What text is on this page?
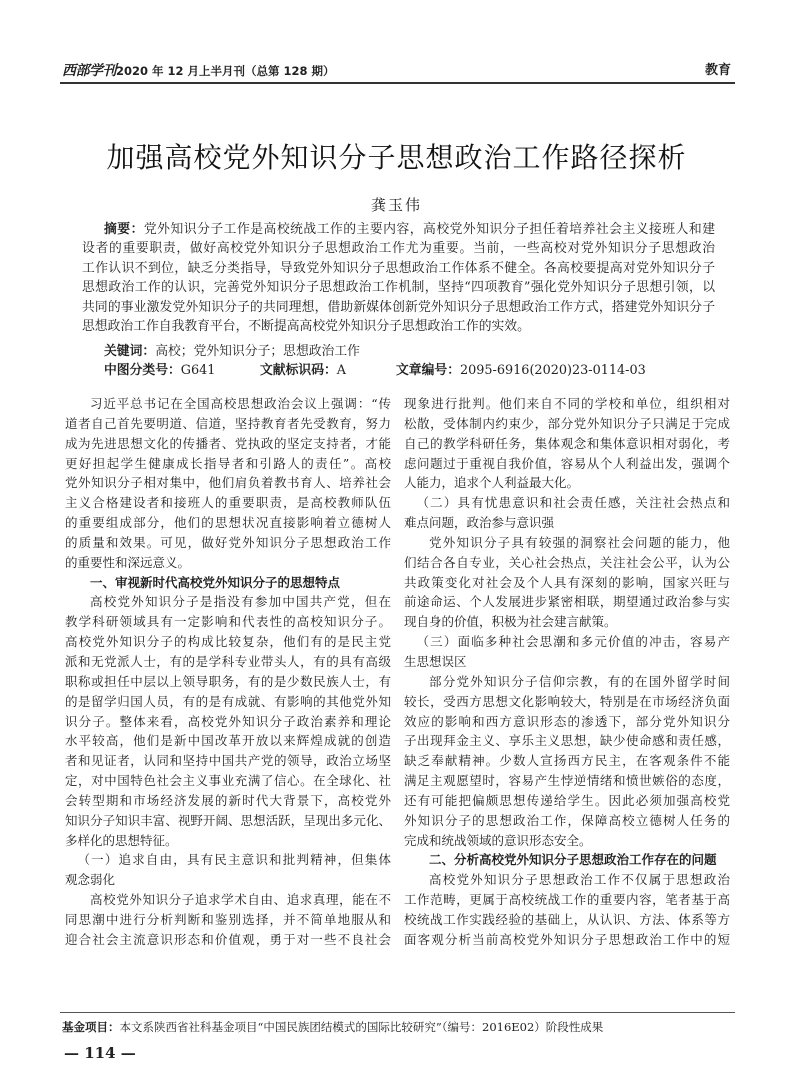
西部学刊2020 年 12 月上半月刊（总第 128 期）	教育
加强高校党外知识分子思想政治工作路径探析
龚玉伟
摘要：党外知识分子工作是高校统战工作的主要内容，高校党外知识分子担任着培养社会主义接班人和建
设者的重要职责，做好高校党外知识分子思想政治工作尤为重要。当前，一些高校对党外知识分子思想政治
工作认识不到位，缺乏分类指导，导致党外知识分子思想政治工作体系不健全。各高校要提高对党外知识分子
思想政治工作的认识，完善党外知识分子思想政治工作机制，坚持“四项教育”强化党外知识分子思想引领，以
共同的事业激发党外知识分子的共同理想，借助新媒体创新党外知识分子思想政治工作方式，搭建党外知识分子
思想政治工作自我教育平台，不断提高高校党外知识分子思想政治工作的实效。
关键词：高校；党外知识分子；思想政治工作
中图分类号：G641	文献标识码：A	文章编号：2095-6916(2020)23-0114-03
习近平总书记在全国高校思想政治会议上强调：“传
道者自己首先要明道、信道，坚持教育者先受教育，努力
成为先进思想文化的传播者、党执政的坚定支持者，才能
更好担起学生健康成长指导者和引路人的责任”。高校
党外知识分子相对集中，他们肩负着教书育人、培养社会
主义合格建设者和接班人的重要职责，是高校教师队伍
的重要组成部分，他们的思想状况直接影响着立德树人
的质量和效果。可见，做好党外知识分子思想政治工作
的重要性和深远意义。
一、审视新时代高校党外知识分子的思想特点
高校党外知识分子是指没有参加中国共产党，但在
教学科研领域具有一定影响和代表性的高校知识分子。
高校党外知识分子的构成比较复杂，他们有的是民主党
派和无党派人士，有的是学科专业带头人，有的具有高级
职称或担任中层以上领导职务，有的是少数民族人士，有
的是留学归国人员，有的是有成就、有影响的其他党外知
识分子。整体来看，高校党外知识分子政治素养和理论
水平较高，他们是新中国改革开放以来辉煌成就的创造
者和见证者，认同和坚持中国共产党的领导，政治立场坚
定，对中国特色社会主义事业充满了信心。在全球化、社
会转型期和市场经济发展的新时代大背景下，高校党外
知识分子知识丰富、视野开阔、思想活跃，呈现出多元化、
多样化的思想特征。
（一）追求自由，具有民主意识和批判精神，但集体
观念弱化
高校党外知识分子追求学术自由、追求真理，能在不
同思潮中进行分析判断和鉴别选择，并不简单地服从和
迎合社会主流意识形态和价值观，勇于对一些不良社会
现象进行批判。他们来自不同的学校和单位，组织相对
松散，受体制内约束少，部分党外知识分子只满足于完成
自己的教学科研任务，集体观念和集体意识相对弱化，考
虑问题过于重视自我价值，容易从个人利益出发，强调个
人能力，追求个人利益最大化。
（二）具有忧患意识和社会责任感，关注社会热点和
难点问题，政治参与意识强
党外知识分子具有较强的洞察社会问题的能力，他
们结合各自专业，关心社会热点，关注社会公平，认为公
共政策变化对社会及个人具有深刻的影响，国家兴旺与
前途命运、个人发展进步紧密相联，期望通过政治参与实
现自身的价值，积极为社会建言献策。
（三）面临多种社会思潮和多元价值的冲击，容易产
生思想误区
部分党外知识分子信仰宗教，有的在国外留学时间
较长，受西方思想文化影响较大，特别是在市场经济负面
效应的影响和西方意识形态的渗透下，部分党外知识分
子出现拜金主义、享乐主义思想，缺少使命感和责任感，
缺乏奉献精神。少数人宣扬西方民主，在客观条件不能
满足主观愿望时，容易产生悖逆情绪和愤世嫉俗的态度，
还有可能把偏颇思想传递给学生。因此必须加强高校党
外知识分子的思想政治工作，保障高校立德树人任务的
完成和统战领域的意识形态安全。
二、分析高校党外知识分子思想政治工作存在的问题
高校党外知识分子思想政治工作不仅属于思想政治
工作范畴，更属于高校统战工作的重要内容，笔者基于高
校统战工作实践经验的基础上，从认识、方法、体系等方
面客观分析当前高校党外知识分子思想政治工作中的短
基金项目：本文系陕西省社科基金项目“中国民族团结模式的国际比较研究”（编号：2016E02）阶段性成果
— 114 —
